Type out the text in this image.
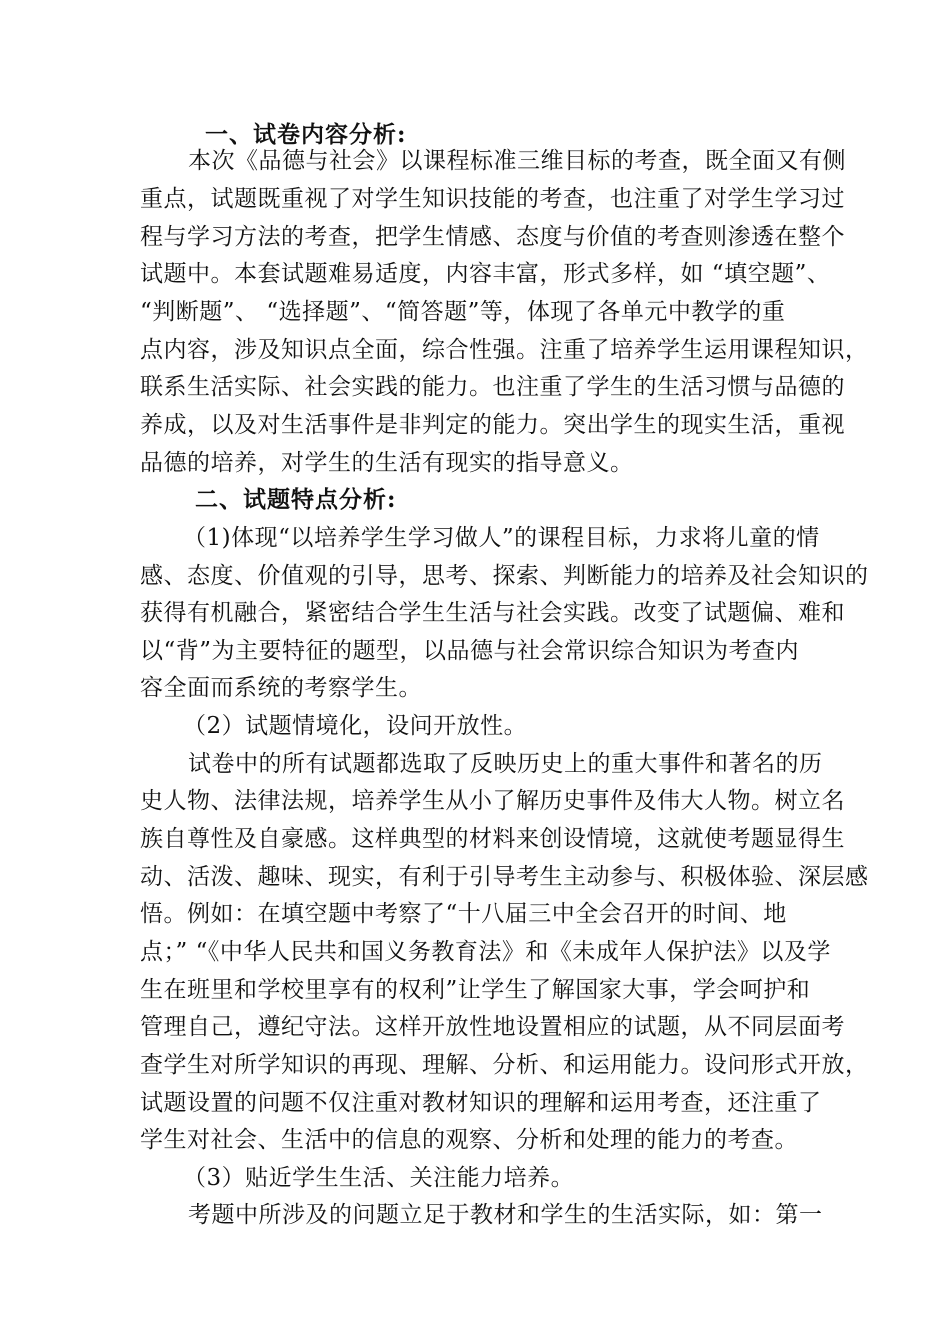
一、试卷内容分析:
本次《品德与社会》以课程标准三维目标的考查，既全面又有侧
重点，试题既重视了对学生知识技能的考查，也注重了对学生学习过
程与学习方法的考查，把学生情感、态度与价值的考查则渗透在整个
试题中。本套试题难易适度，内容丰富，形式多样，如 “填空题”、
“判断题”、 “选择题”、“简答题”等，体现了各单元中教学的重
点内容，涉及知识点全面，综合性强。注重了培养学生运用课程知识，
联系生活实际、社会实践的能力。也注重了学生的生活习惯与品德的
养成，以及对生活事件是非判定的能力。突出学生的现实生活，重视
品德的培养，对学生的生活有现实的指导意义。
二、试题特点分析:
（1)体现“以培养学生学习做人”的课程目标，力求将儿童的情
感、态度、价值观的引导，思考、探索、判断能力的培养及社会知识的
获得有机融合，紧密结合学生生活与社会实践。改变了试题偏、难和
以“背”为主要特征的题型，以品德与社会常识综合知识为考查内
容全面而系统的考察学生。
（2）试题情境化，设问开放性。
试卷中的所有试题都选取了反映历史上的重大事件和著名的历
史人物、法律法规，培养学生从小了解历史事件及伟大人物。树立名
族自尊性及自豪感。这样典型的材料来创设情境，这就使考题显得生
动、活泼、趣味、现实，有利于引导考生主动参与、积极体验、深层感
悟。例如：在填空题中考察了“十八届三中全会召开的时间、地
点；” “《中华人民共和国义务教育法》和《未成年人保护法》以及学
生在班里和学校里享有的权利”让学生了解国家大事，学会呵护和
管理自己，遵纪守法。这样开放性地设置相应的试题，从不同层面考
查学生对所学知识的再现、理解、分析、和运用能力。设问形式开放，
试题设置的问题不仅注重对教材知识的理解和运用考查，还注重了
学生对社会、生活中的信息的观察、分析和处理的能力的考查。
（3）贴近学生生活、关注能力培养。
考题中所涉及的问题立足于教材和学生的生活实际，如：第一
